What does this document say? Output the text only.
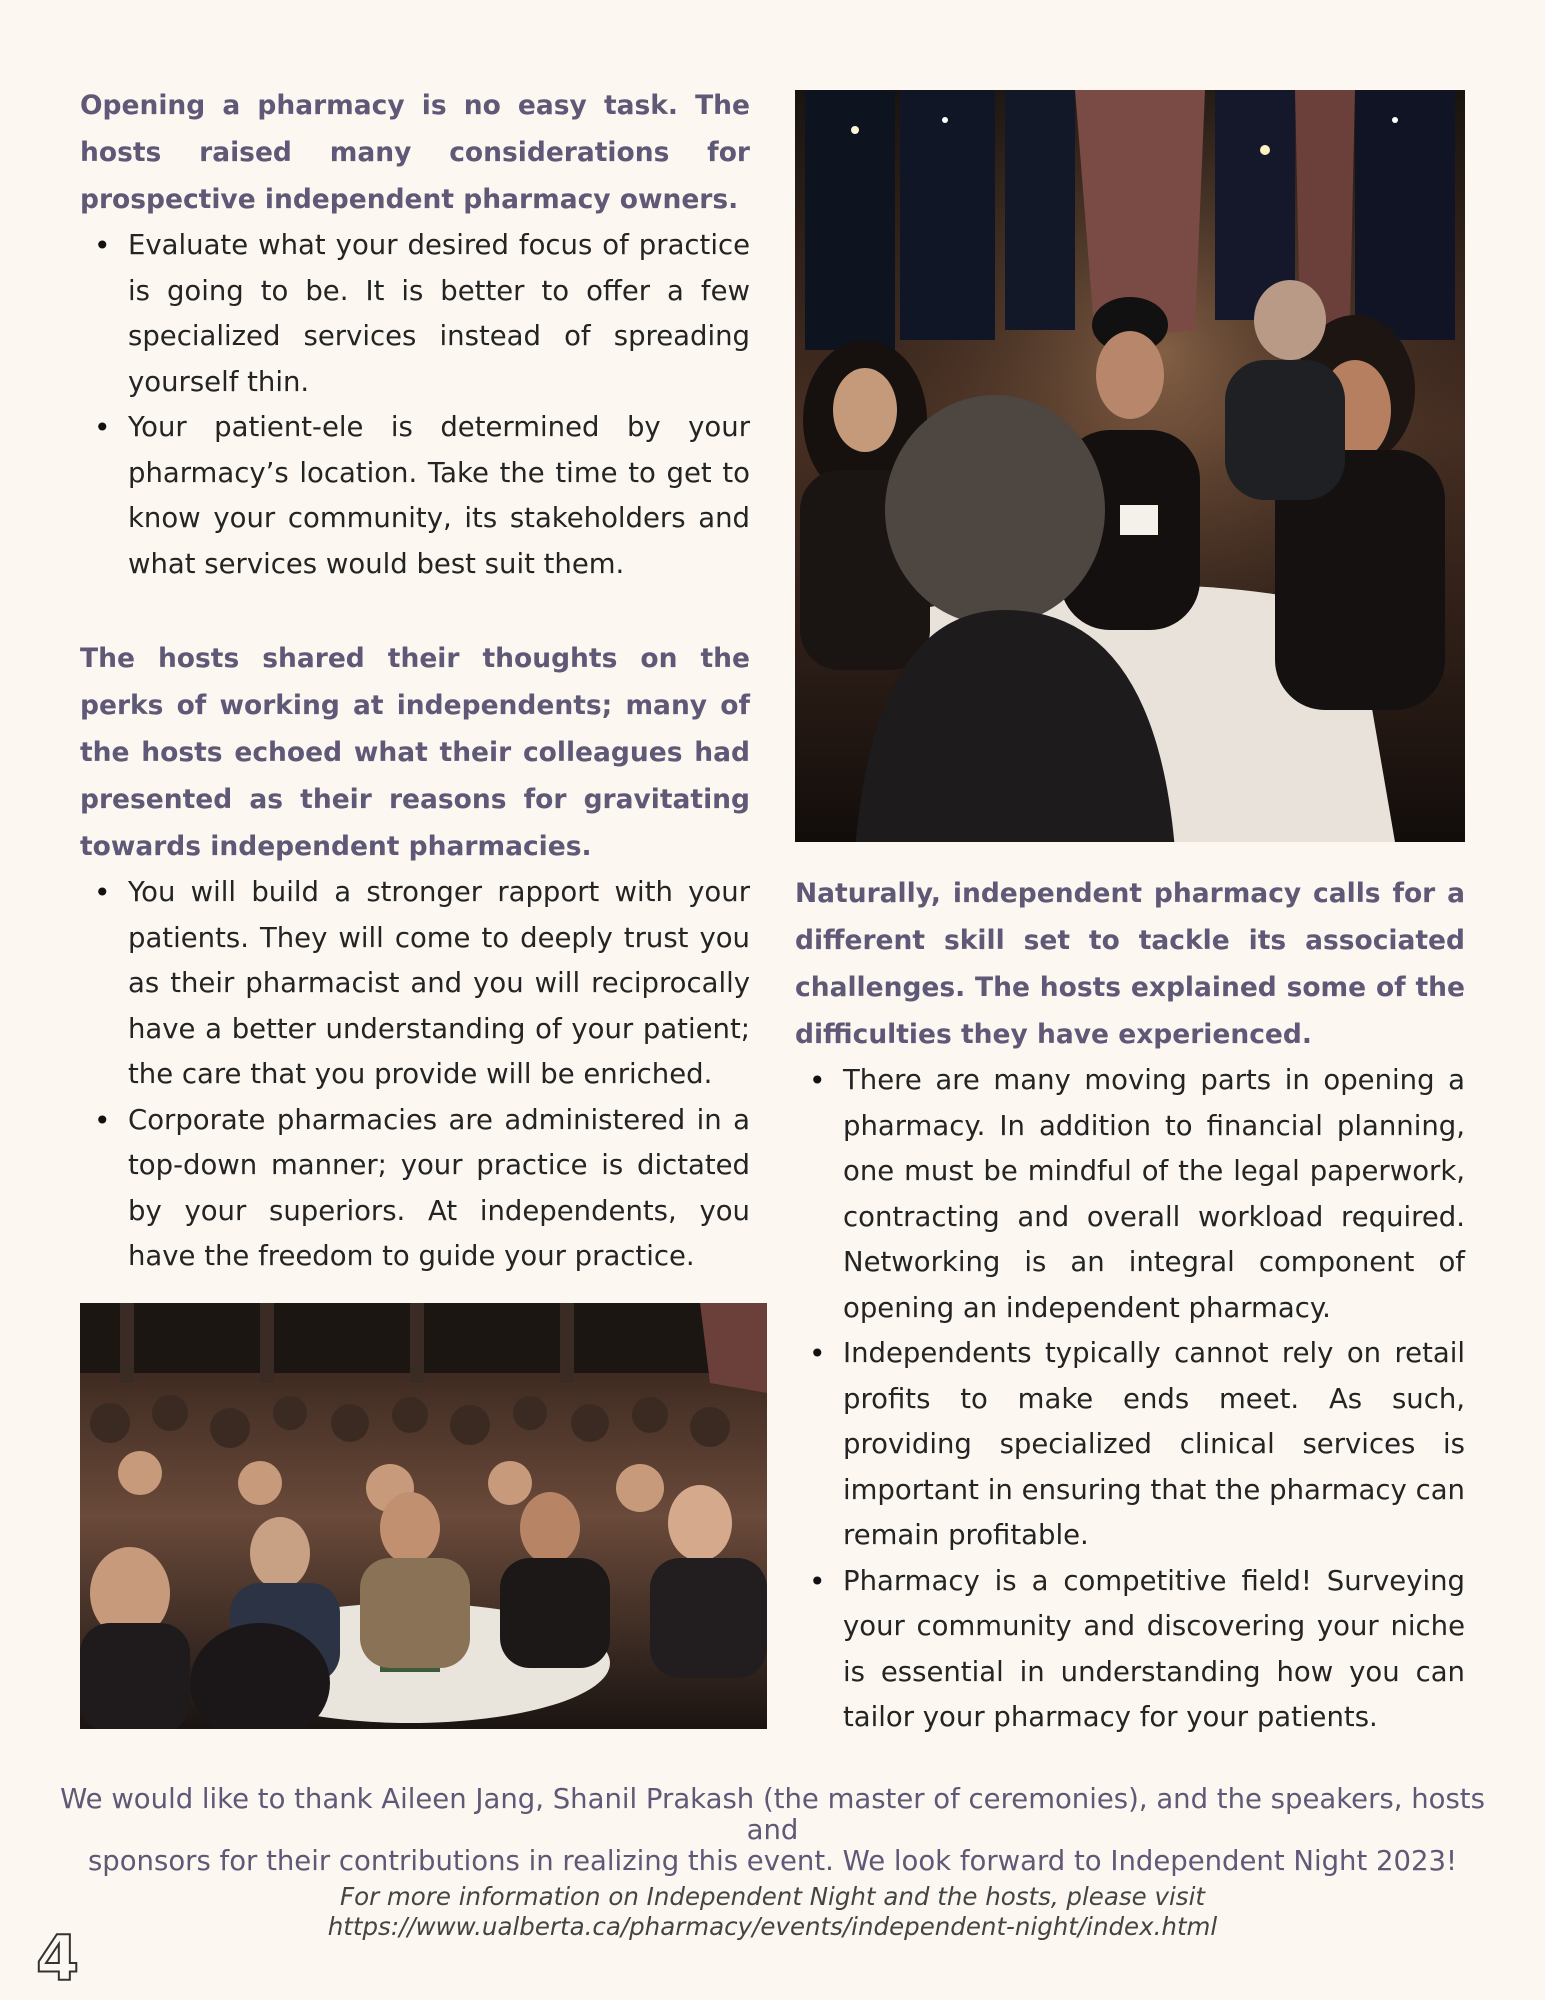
Opening a pharmacy is no easy task. The hosts raised many considerations for prospective independent pharmacy owners.

• Evaluate what your desired focus of practice is going to be. It is better to offer a few specialized services instead of spreading yourself thin.
• Your patient-ele is determined by your pharmacy’s location. Take the time to get to know your community, its stakeholders and what services would best suit them.

The hosts shared their thoughts on the perks of working at independents; many of the hosts echoed what their colleagues had presented as their reasons for gravitating towards independent pharmacies.

• You will build a stronger rapport with your patients. They will come to deeply trust you as their pharmacist and you will reciprocally have a better understanding of your patient; the care that you provide will be enriched.
• Corporate pharmacies are administered in a top-down manner; your practice is dictated by your superiors. At independents, you have the freedom to guide your practice.

Naturally, independent pharmacy calls for a different skill set to tackle its associated challenges. The hosts explained some of the difficulties they have experienced.

• There are many moving parts in opening a pharmacy. In addition to financial planning, one must be mindful of the legal paperwork, contracting and overall workload required. Networking is an integral component of opening an independent pharmacy.
• Independents typically cannot rely on retail profits to make ends meet. As such, providing specialized clinical services is important in ensuring that the pharmacy can remain profitable.
• Pharmacy is a competitive field! Surveying your community and discovering your niche is essential in understanding how you can tailor your pharmacy for your patients.
We would like to thank Aileen Jang, Shanil Prakash (the master of ceremonies), and the speakers, hosts and
sponsors for their contributions in realizing this event. We look forward to Independent Night 2023!
For more information on Independent Night and the hosts, please visit
https://www.ualberta.ca/pharmacy/events/independent-night/index.html
4
